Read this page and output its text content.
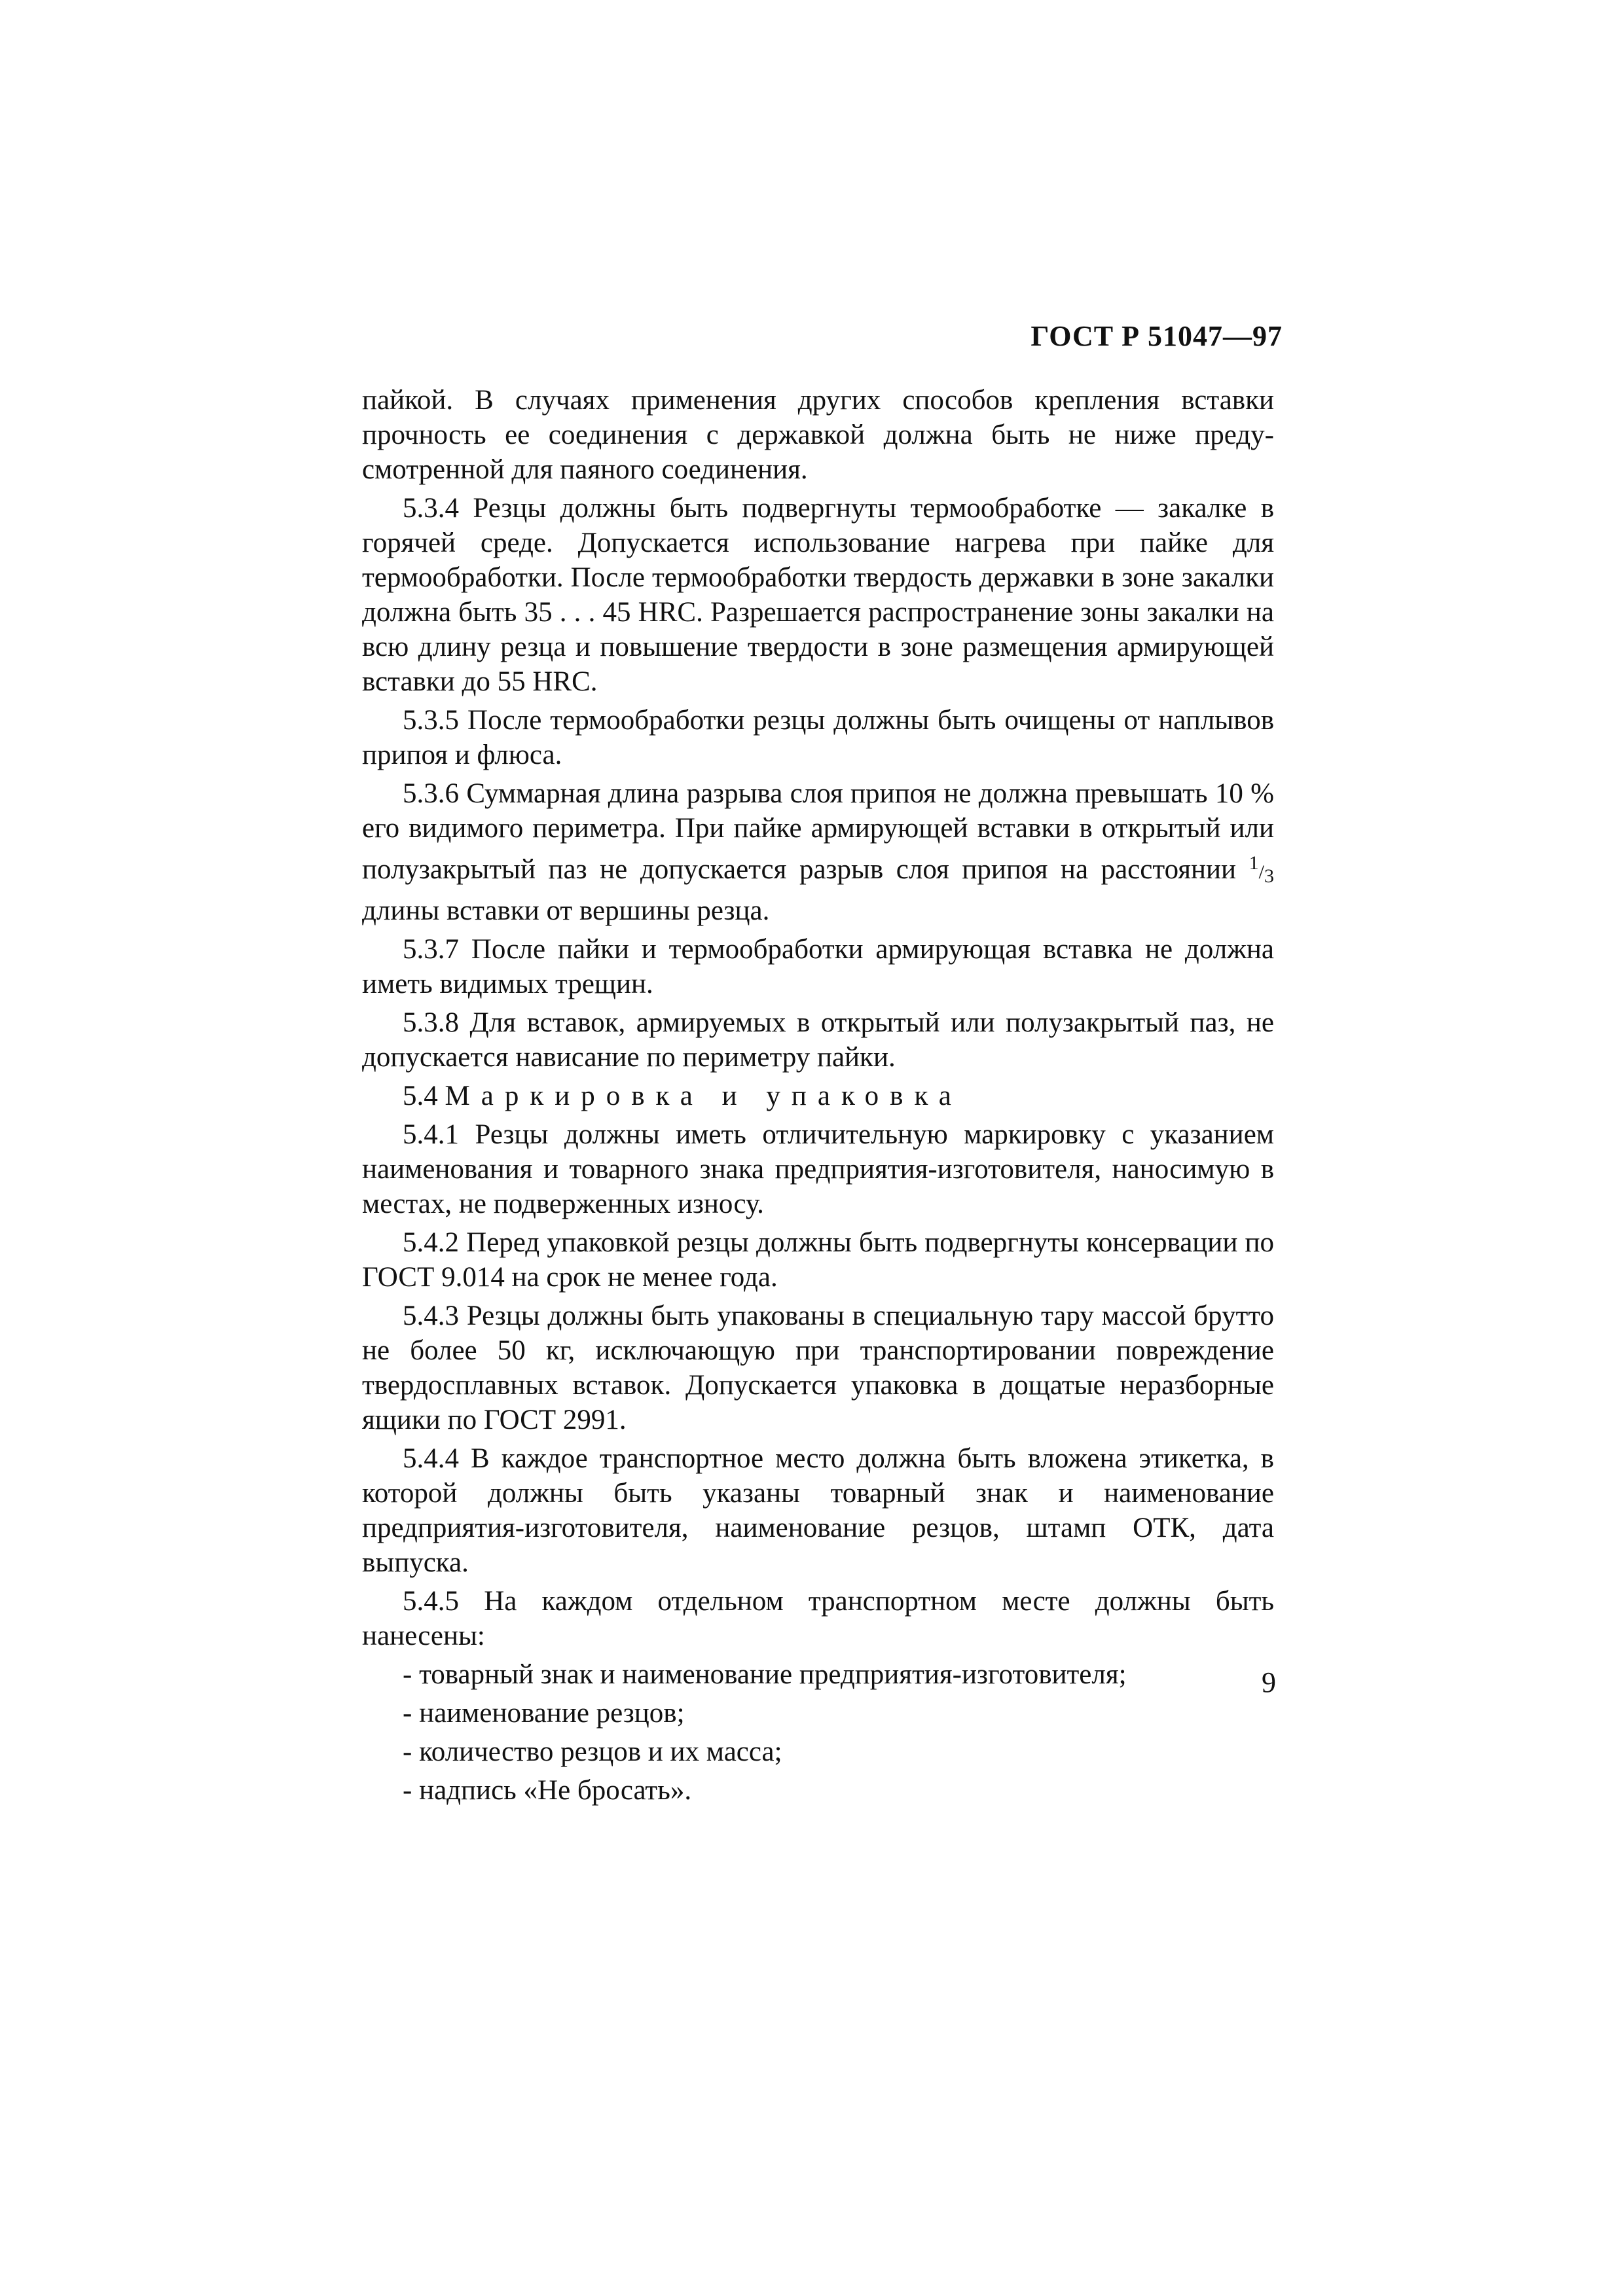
ГОСТ Р 51047—97

пайкой. В случаях применения других способов крепления вставки прочность ее соединения с державкой должна быть не ниже предусмотренной для паяного соединения.

5.3.4 Резцы должны быть подвергнуты термообработке — закалке в горячей среде. Допускается использование нагрева при пайке для термообработки. После термообработки твердость державки в зоне закалки должна быть 35 . . . 45 HRC. Разрешается распространение зоны закалки на всю длину резца и повышение твердости в зоне размещения армирующей вставки до 55 HRC.

5.3.5 После термообработки резцы должны быть очищены от наплывов припоя и флюса.

5.3.6 Суммарная длина разрыва слоя припоя не должна превышать 10 % его видимого периметра. При пайке армирующей вставки в открытый или полузакрытый паз не допускается разрыв слоя припоя на расстоянии 1/3 длины вставки от вершины резца.

5.3.7 После пайки и термообработки армирующая вставка не должна иметь видимых трещин.

5.3.8 Для вставок, армируемых в открытый или полузакрытый паз, не допускается нависание по периметру пайки.

5.4 Маркировка и упаковка

5.4.1 Резцы должны иметь отличительную маркировку с указанием наименования и товарного знака предприятия-изготовителя, наносимую в местах, не подверженных износу.

5.4.2 Перед упаковкой резцы должны быть подвергнуты консервации по ГОСТ 9.014 на срок не менее года.

5.4.3 Резцы должны быть упакованы в специальную тару массой брутто не более 50 кг, исключающую при транспортировании повреждение твердосплавных вставок. Допускается упаковка в дощатые неразборные ящики по ГОСТ 2991.

5.4.4 В каждое транспортное место должна быть вложена этикетка, в которой должны быть указаны товарный знак и наименование предприятия-изготовителя, наименование резцов, штамп ОТК, дата выпуска.

5.4.5 На каждом отдельном транспортном месте должны быть нанесены:

- товарный знак и наименование предприятия-изготовителя;
- наименование резцов;
- количество резцов и их масса;
- надпись «Не бросать».
9
